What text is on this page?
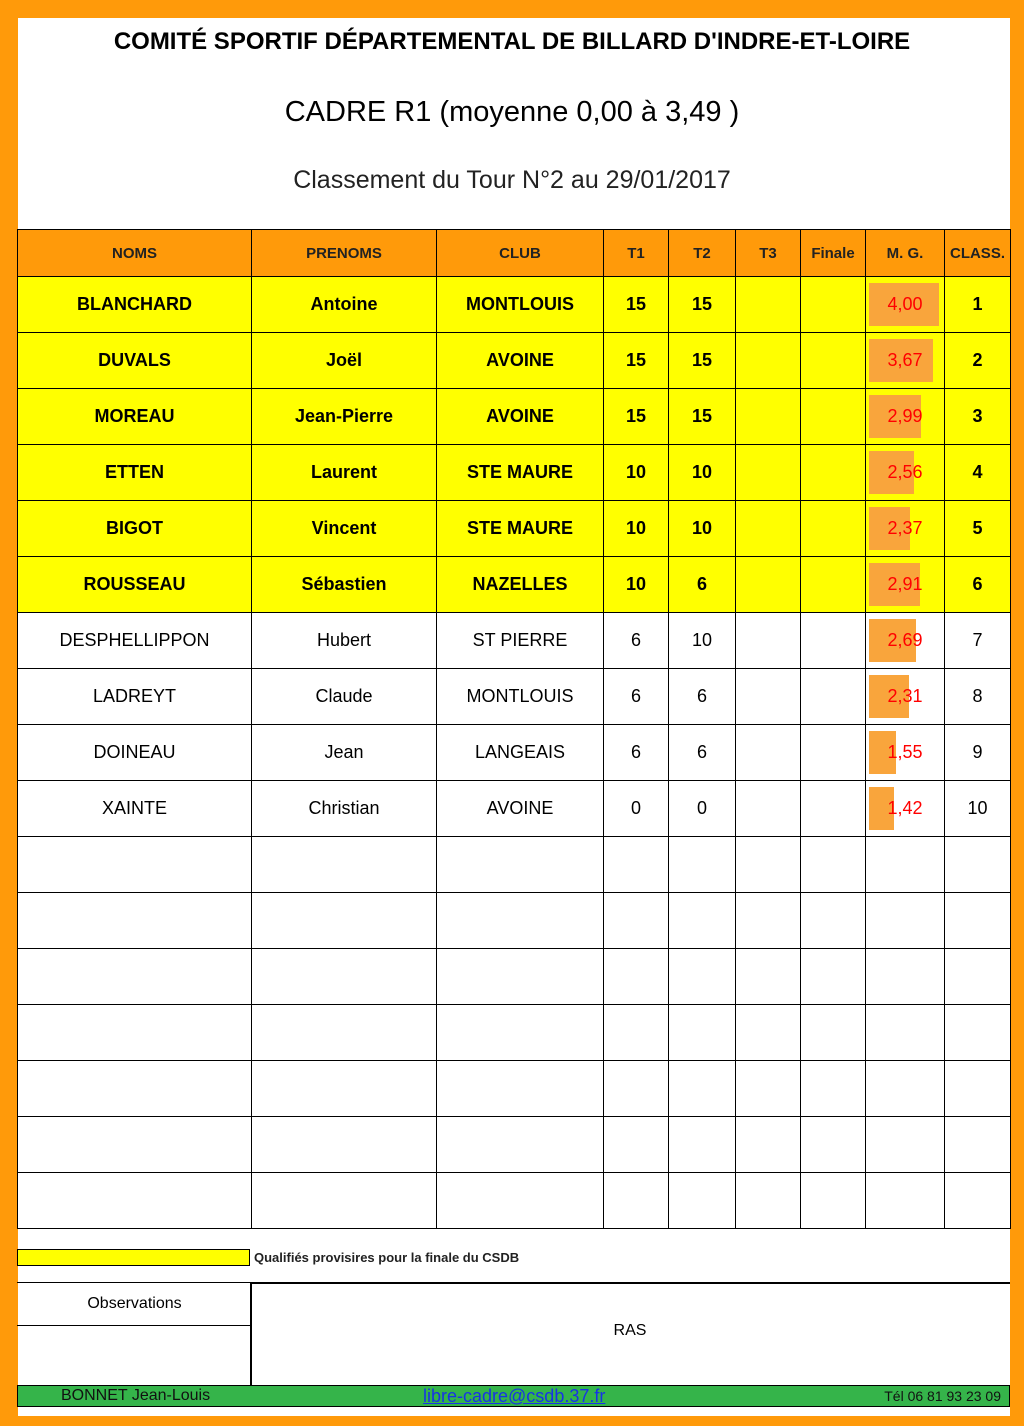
COMITÉ SPORTIF DÉPARTEMENTAL DE BILLARD D'INDRE-ET-LOIRE
CADRE R1 (moyenne 0,00 à 3,49 )
Classement du Tour N°2 au 29/01/2017
NOMS	PRENOMS	CLUB	T1	T2	T3	Finale	M. G.	CLASS.
BLANCHARD	Antoine	MONTLOUIS	15	15			4,00	1
DUVALS	Joël	AVOINE	15	15			3,67	2
MOREAU	Jean-Pierre	AVOINE	15	15			2,99	3
ETTEN	Laurent	STE MAURE	10	10			2,56	4
BIGOT	Vincent	STE MAURE	10	10			2,37	5
ROUSSEAU	Sébastien	NAZELLES	10	6			2,91	6
DESPHELLIPPON	Hubert	ST PIERRE	6	10			2,69	7
LADREYT	Claude	MONTLOUIS	6	6			2,31	8
DOINEAU	Jean	LANGEAIS	6	6			1,55	9
XAINTE	Christian	AVOINE	0	0			1,42	10

Qualifiés provisires pour la finale du CSDB
Observations
RAS
BONNET Jean-Louis	libre-cadre@csdb.37.fr	Tél 06 81 93 23 09
